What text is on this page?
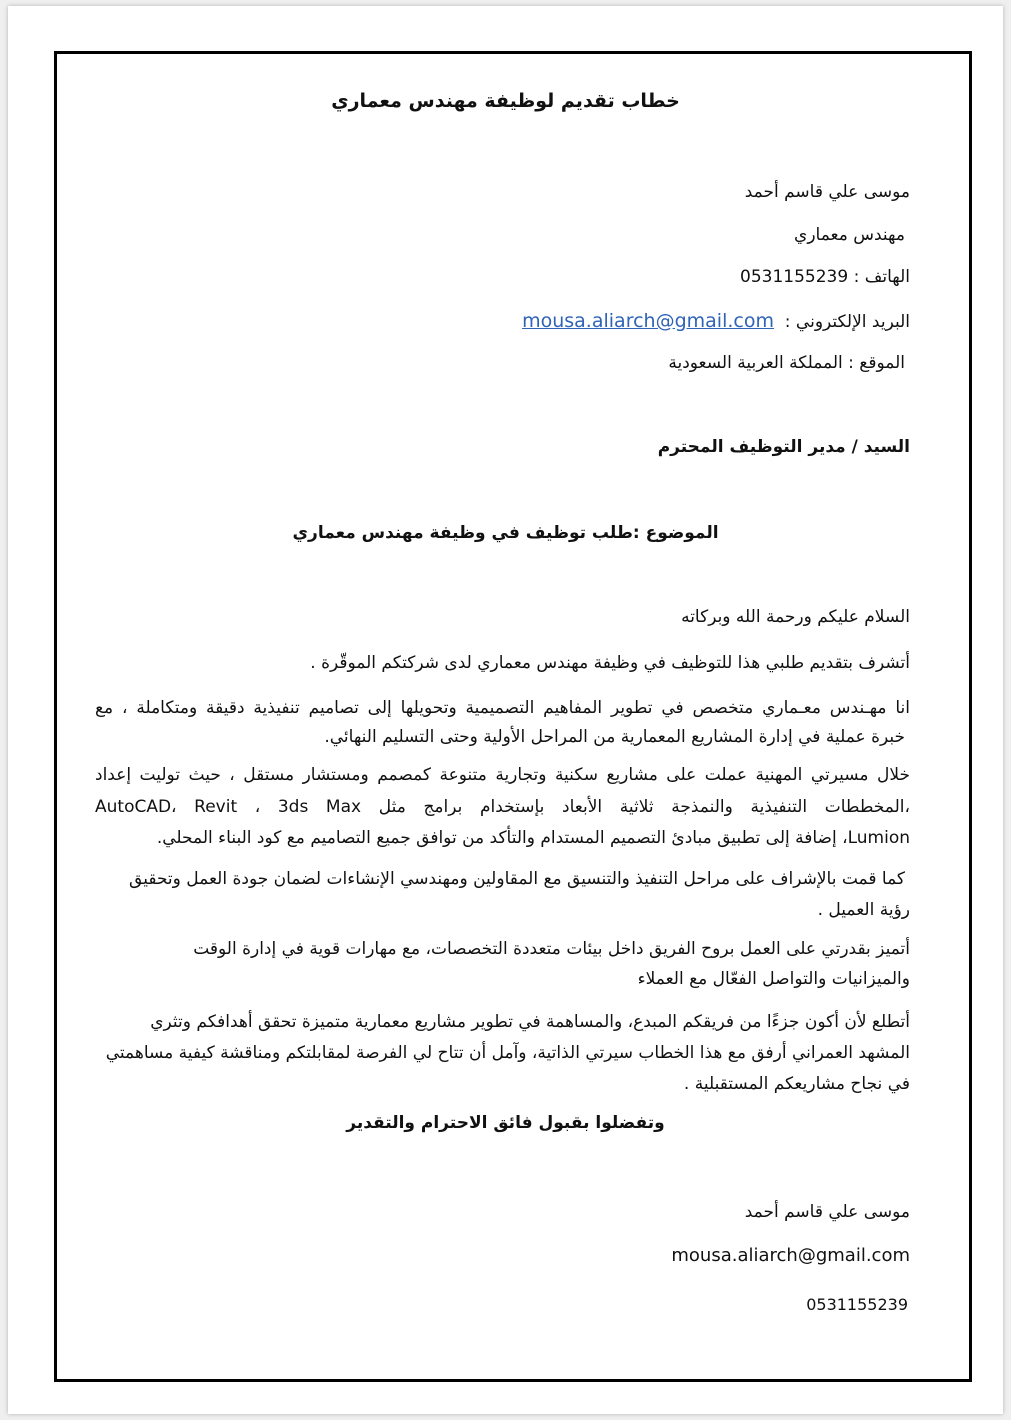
خطاب تقديم لوظيفة مهندس معماري
موسى علي قاسم أحمد
مهندس معماري
الهاتف : 0531155239
البريد الإلكتروني :  mousa.aliarch@gmail.com
الموقع : المملكة العربية السعودية
السيد / مدير التوظيف المحترم
الموضوع :طلب توظيف في وظيفة مهندس معماري
السلام عليكم ورحمة الله وبركاته
أتشرف بتقديم طلبي هذا للتوظيف في وظيفة مهندس معماري لدى شركتكم الموقّرة .
انا مهـندس معـماري متخصص في تطوير المفاهيم التصميمية وتحويلها إلى تصاميم تنفيذية دقيقة ومتكاملة ، مع
خبرة عملية في إدارة المشاريع المعمارية من المراحل الأولية وحتى التسليم النهائي.
خلال مسيرتي المهنية عملت على مشاريع سكنية وتجارية متنوعة كمصمم ومستشار مستقل ، حيث توليت إعداد
،المخططات التنفيذية والنمذجة ثلاثية الأبعاد بإستخدام برامج مثل AutoCAD، Revit ، 3ds Max
Lumion، إضافة إلى تطبيق مبادئ التصميم المستدام والتأكد من توافق جميع التصاميم مع كود البناء المحلي.
كما قمت بالإشراف على مراحل التنفيذ والتنسيق مع المقاولين ومهندسي الإنشاءات لضمان جودة العمل وتحقيق
رؤية العميل .
أتميز بقدرتي على العمل بروح الفريق داخل بيئات متعددة التخصصات، مع مهارات قوية في إدارة الوقت
والميزانيات والتواصل الفعّال مع العملاء
أتطلع لأن أكون جزءًا من فريقكم المبدع، والمساهمة في تطوير مشاريع معمارية متميزة تحقق أهدافكم وتثري
المشهد العمراني أرفق مع هذا الخطاب سيرتي الذاتية، وآمل أن تتاح لي الفرصة لمقابلتكم ومناقشة كيفية مساهمتي
في نجاح مشاريعكم المستقبلية .
وتفضلوا بقبول فائق الاحترام والتقدير
موسى علي قاسم أحمد
mousa.aliarch@gmail.com
0531155239
